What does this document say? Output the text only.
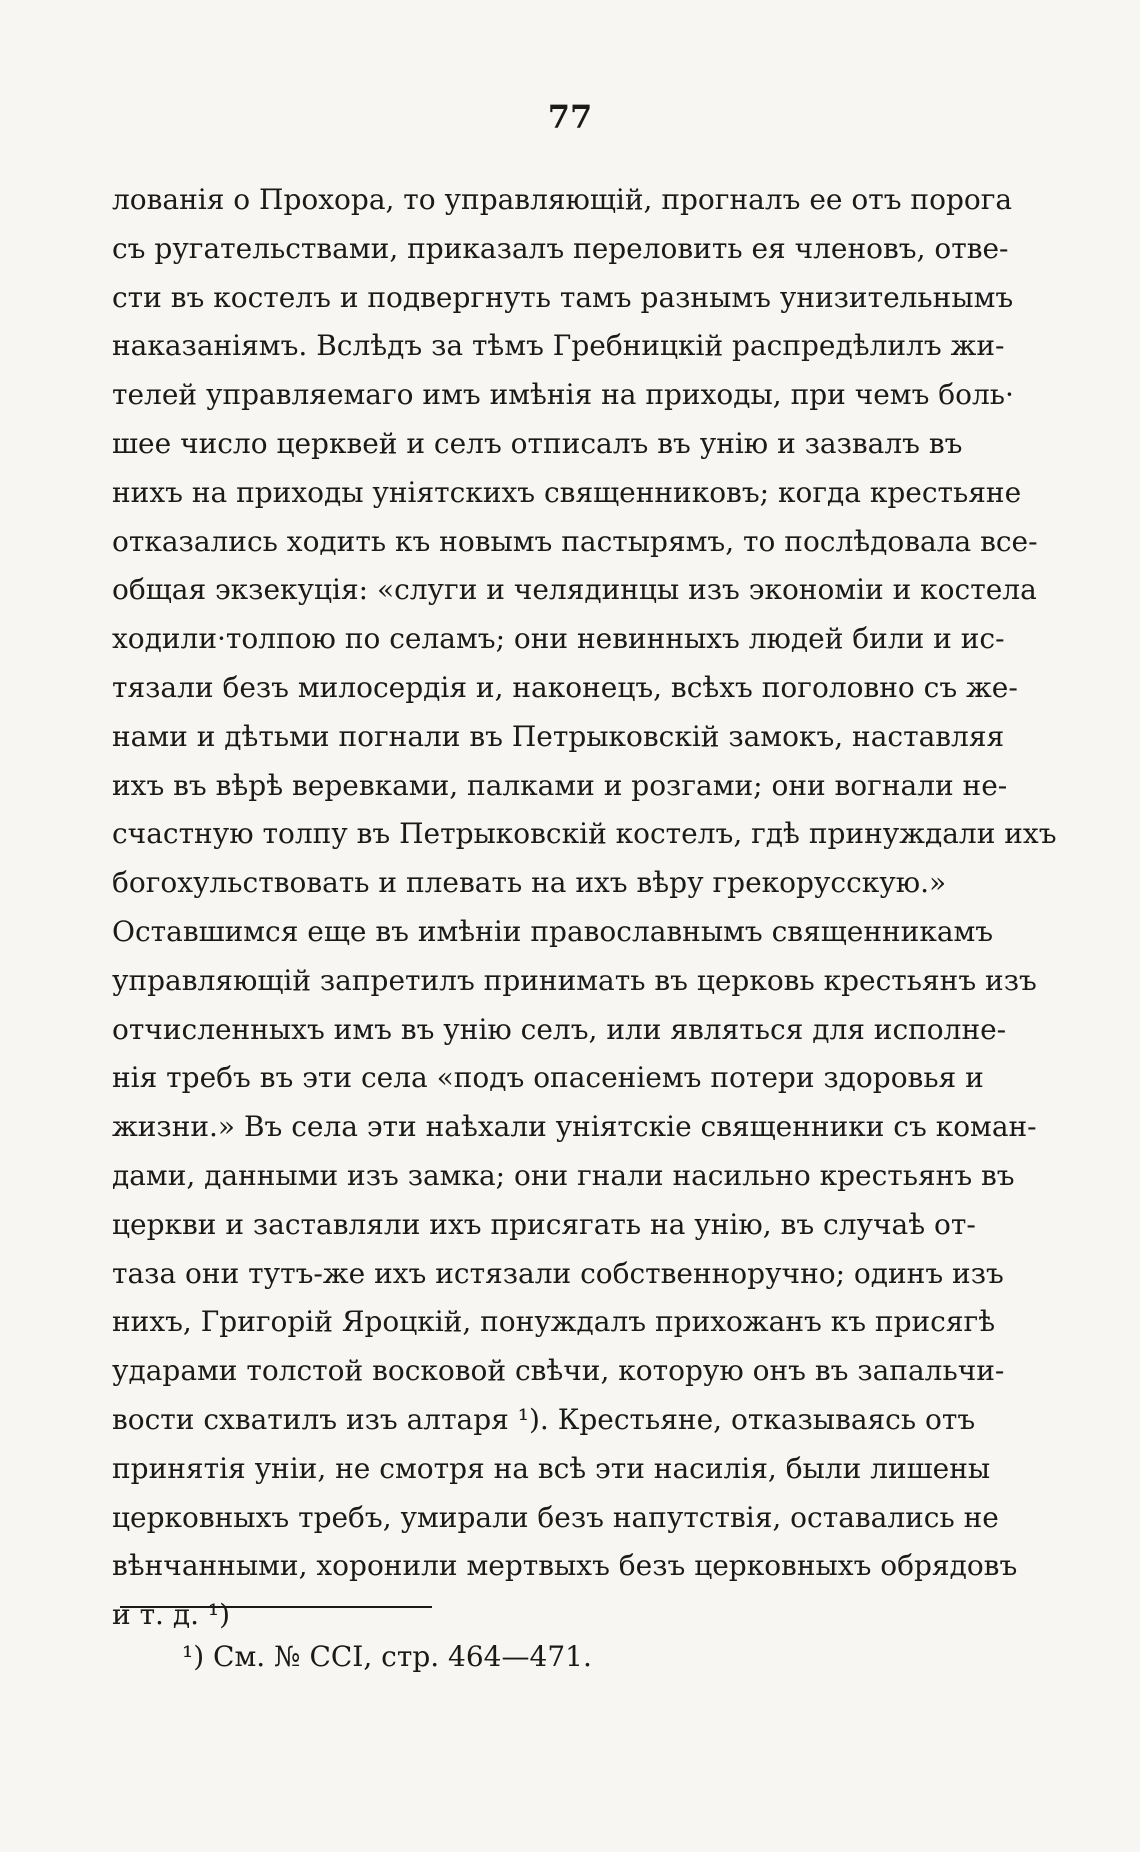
77
лованія о Прохора, то управляющій, прогналъ ее отъ порога
съ ругательствами, приказалъ переловить ея членовъ, отве-
сти въ костелъ и подвергнуть тамъ разнымъ унизительнымъ
наказаніямъ. Вслѣдъ за тѣмъ Гребницкій распредѣлилъ жи-
телей управляемаго имъ имѣнія на приходы, при чемъ боль·
шее число церквей и селъ отписалъ въ унію и зазвалъ въ
нихъ на приходы уніятскихъ священниковъ; когда крестьяне
отказались ходить къ новымъ пастырямъ, то послѣдовала все-
общая экзекуція: «слуги и челядинцы изъ экономіи и костела
ходили·толпою по селамъ; они невинныхъ людей били и ис-
тязали безъ милосердія и, наконецъ, всѣхъ поголовно съ же-
нами и дѣтьми погнали въ Петрыковскій замокъ, наставляя
ихъ въ вѣрѣ веревками, палками и розгами; они вогнали не-
счастную толпу въ Петрыковскій костелъ, гдѣ принуждали ихъ
богохульствовать и плевать на ихъ вѣру грекорусскую.»
Оставшимся еще въ имѣніи православнымъ священникамъ
управляющій запретилъ принимать въ церковь крестьянъ изъ
отчисленныхъ имъ въ унію селъ, или являться для исполне-
нія требъ въ эти села «подъ опасеніемъ потери здоровья и
жизни.» Въ села эти наѣхали уніятскіе священники съ коман-
дами, данными изъ замка; они гнали насильно крестьянъ въ
церкви и заставляли ихъ присягать на унію, въ случаѣ от-
таза они тутъ-же ихъ истязали собственноручно; одинъ изъ
нихъ, Григорій Яроцкій, понуждалъ прихожанъ къ присягѣ
ударами толстой восковой свѣчи, которую онъ въ запальчи-
вости схватилъ изъ алтаря ¹). Крестьяне, отказываясь отъ
принятія уніи, не смотря на всѣ эти насилія, были лишены
церковныхъ требъ, умирали безъ напутствія, оставались не
вѣнчанными, хоронили мертвыхъ безъ церковныхъ обрядовъ
и т. д. ¹)
¹) См. № CCI, стр. 464—471.
